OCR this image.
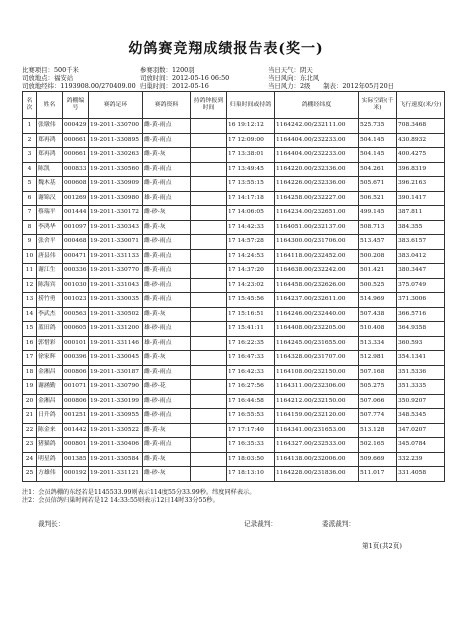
幼鸽赛竞翔成绩报告表(奖一)
比赛项目：500千米	参赛羽数：1200羽	当日天气：阴天
司放地点：福安站	司放时间：2012-05-16 06:50	当日风向：东北风
司放地经纬：1193908.00/270409.00 归巢时间：2012-05-16	当日风力：2级　　制表：2012年05月20日
名次	姓名	鸽棚编号	赛鸽足环	赛鸽资料	持鸽钟报到时间	归巢时间或持鸽	鸽棚经纬度	实际空距(千米)	飞行速度(米/分)
1	张墩伟	000429	19-2011-330700	雌-黄-雨点		16 19:12:12	1164242.00/232111.00	525.735	708.3468
2	郑再鸿	000661	19-2011-330895	雌-黄-雨点		17 12:09:00	1164404.00/232233.00	504.145	430.8932
3	郑再鸿	000661	19-2011-330263	雌-黄-灰		17 13:38:01	1164404.00/232233.00	504.145	400.4275
4	陈凯	000833	19-2011-330560	雌-黄-雨点		17 13:49:45	1164220.00/232336.00	504.261	396.8319
5	魏木基	000608	19-2011-330909	雌-黄-雨点		17 13:55:15	1164226.00/232336.00	505.671	396.2163
6	谢锦汉	001269	19-2011-330980	雄-黄-雨点		17 14:17:18	1164258.00/232227.00	506.521	390.1417
7	蔡瑞平	001444	19-2011-330172	雌-砂-灰		17 14:06:05	1164234.00/232651.00	499.145	387.811
8	李鸿华	001097	19-2011-330343	雌-黄-灰		17 14:42:33	1164051.00/232137.00	508.713	384.355
9	张舍平	000468	19-2011-330071	雌-砂-雨点		17 14:57:28	1164300.00/231706.00	513.457	383.6157
10	唐县伟	000471	19-2011-331133	雌-黄-雨点		17 14:24:53	1164118.00/232452.00	500.208	383.0412
11	谢江生	000336	19-2011-330770	雌-黄-雨点		17 14:37:20	1164638.00/232242.00	501.421	380.3447
12	陈海宾	001030	19-2011-331043	雌-砂-雨点		17 14:23:02	1164458.00/232626.00	500.525	375.0749
13	捞竹勇	001023	19-2011-330035	雌-黄-雨点		17 15:45:56	1164237.00/232611.00	514.969	371.3006
14	李武杰	000563	19-2011-330502	雌-黄-灰		17 15:16:51	1164246.00/232440.00	507.438	366.5716
15	蓝田鸽	000605	19-2011-331200	雄-砂-雨点		17 15:41:11	1164408.00/232205.00	510.408	364.9358
16	郭惜彩	000101	19-2011-331146	雄-黄-雨点		17 16:22:35	1164245.00/231655.00	513.334	360.593
17	徐家辉	000396	19-2011-330045	雌-黄-灰		17 16:47:33	1164328.00/231707.00	512.981	354.1341
18	金湘昌	000806	19-2011-330187	雌-黄-雨点		17 16:42:33	1164108.00/232150.00	507.168	351.5336
19	谢涵勤	001071	19-2011-330790	雌-砂-花		17 16:27:56	1164311.00/232306.00	505.275	351.3335
20	金湘昌	000806	19-2011-330199	雌-砂-雨点		17 16:44:58	1164212.00/232150.00	507.066	350.9207
21	日升鸽	001251	19-2011-330955	雌-砂-雨点		17 16:55:53	1164159.00/232120.00	507.774	348.5345
22	陈金来	001442	19-2011-330522	雌-黄-灰		17 17:17:40	1164341.00/231653.00	513.128	347.0207
23	猪猫鸽	000801	19-2011-330406	雌-黄-雨点		17 16:35:33	1164327.00/232533.00	502.165	345.0784
24	明星鸽	001385	19-2011-330584	雌-黄-灰		17 18:03:50	1164138.00/232006.00	509.669	332.239
25	方雄伟	000192	19-2011-331121	雌-砂-灰		17 18:13:10	1164228.00/231836.00	511.017	331.4058
注1：会员鸽棚的东经若是1145533.99则表示114度55分33.99秒。纬度同样表示。
注2：会员信鸽归巢时间若是12 14:33:55则表示12日14时33分55秒。
裁判长：	记录裁判：	委派裁判：
第1页(共2页)
